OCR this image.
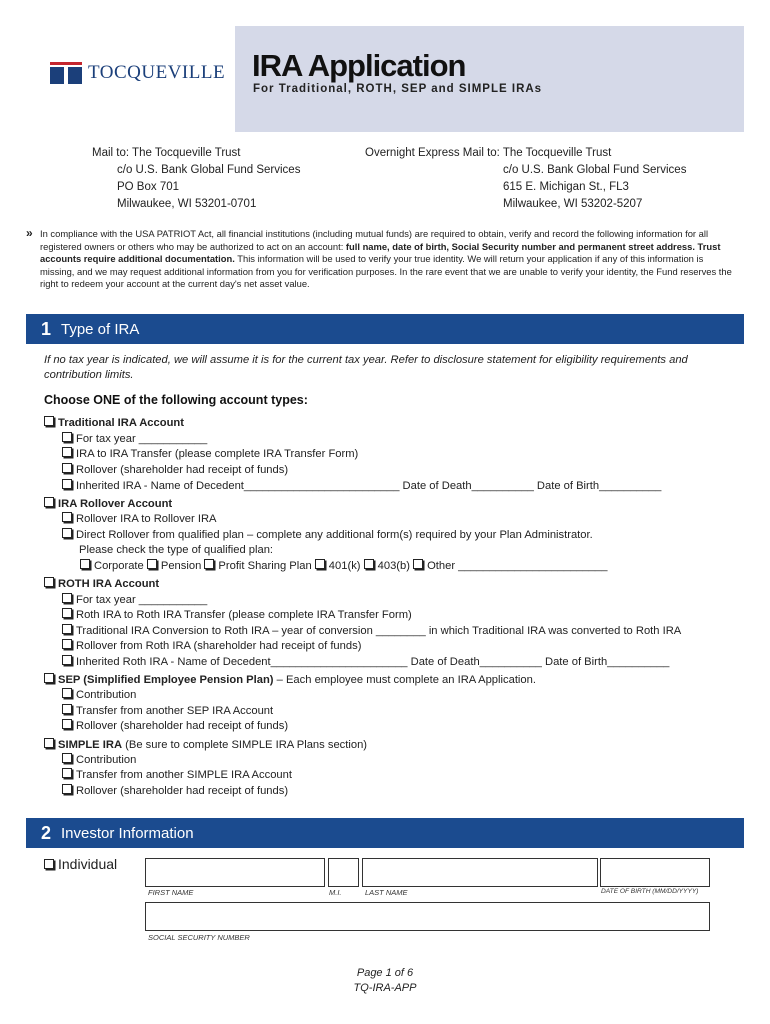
TOCQUEVILLE IRA Application
For Traditional, ROTH, SEP and SIMPLE IRAs
Mail to: The Tocqueville Trust
c/o U.S. Bank Global Fund Services
PO Box 701
Milwaukee, WI 53201-0701
Overnight Express Mail to: The Tocqueville Trust
c/o U.S. Bank Global Fund Services
615 E. Michigan St., FL3
Milwaukee, WI 53202-5207
» In compliance with the USA PATRIOT Act, all financial institutions (including mutual funds) are required to obtain, verify and record the following information for all registered owners or others who may be authorized to act on an account: full name, date of birth, Social Security number and permanent street address. Trust accounts require additional documentation. This information will be used to verify your true identity. We will return your application if any of this information is missing, and we may request additional information from you for verification purposes. In the rare event that we are unable to verify your identity, the Fund reserves the right to redeem your account at the current day's net asset value.
1 Type of IRA
If no tax year is indicated, we will assume it is for the current tax year. Refer to disclosure statement for eligibility requirements and contribution limits.
Choose ONE of the following account types:
Traditional IRA Account
For tax year ___________
IRA to IRA Transfer (please complete IRA Transfer Form)
Rollover (shareholder had receipt of funds)
Inherited IRA - Name of Decedent_________________________ Date of Death__________ Date of Birth__________
IRA Rollover Account
Rollover IRA to Rollover IRA
Direct Rollover from qualified plan – complete any additional form(s) required by your Plan Administrator.
Please check the type of qualified plan:
Corporate Pension Profit Sharing Plan 401(k) 403(b) Other ________________________
ROTH IRA Account
For tax year ___________
Roth IRA to Roth IRA Transfer (please complete IRA Transfer Form)
Traditional IRA Conversion to Roth IRA – year of conversion ________ in which Traditional IRA was converted to Roth IRA
Rollover from Roth IRA (shareholder had receipt of funds)
Inherited Roth IRA - Name of Decedent______________________ Date of Death__________ Date of Birth__________
SEP (Simplified Employee Pension Plan) – Each employee must complete an IRA Application.
Contribution
Transfer from another SEP IRA Account
Rollover (shareholder had receipt of funds)
SIMPLE IRA (Be sure to complete SIMPLE IRA Plans section)
Contribution
Transfer from another SIMPLE IRA Account
Rollover (shareholder had receipt of funds)
2 Investor Information
Individual
FIRST NAME	M.I.	LAST NAME	DATE OF BIRTH (MM/DD/YYYY)
SOCIAL SECURITY NUMBER
Page 1 of 6
TQ-IRA-APP
